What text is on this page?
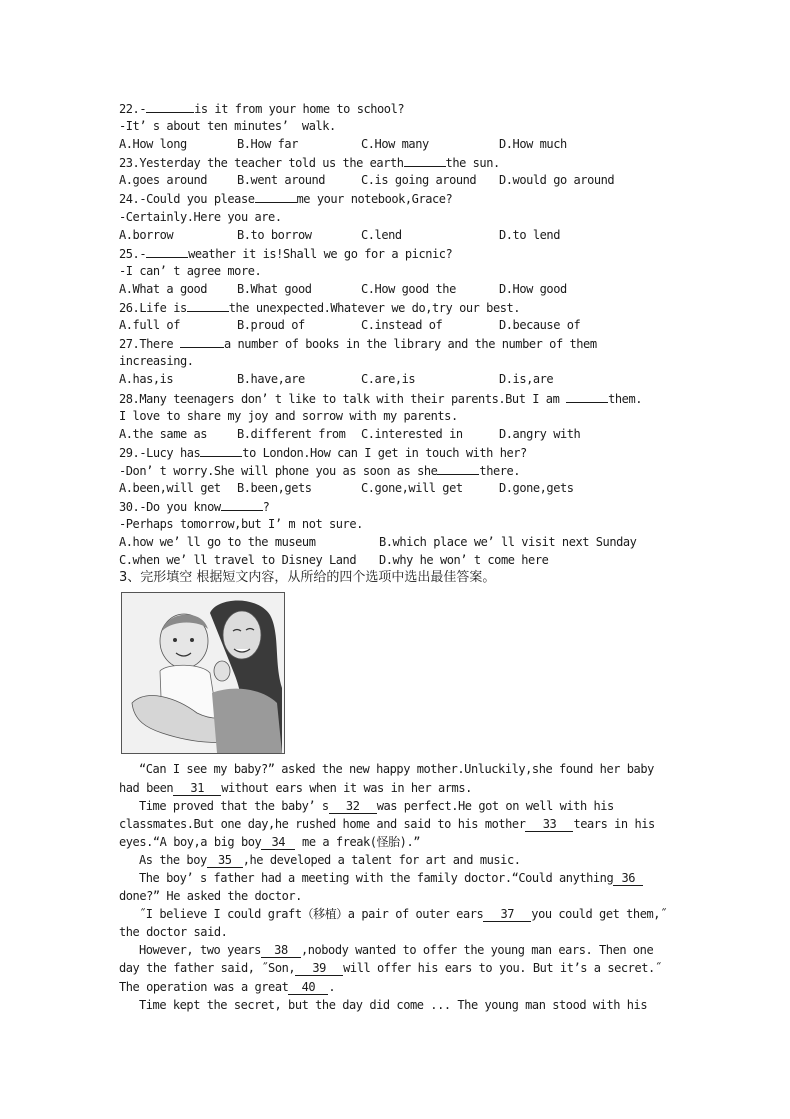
22.-	is it from your home to school?
-It’ s about ten minutes’  walk.
A.How long	B.How far	C.How many	D.How much
23.Yesterday the teacher told us the earth	the sun.
A.goes around	B.went around	C.is going around	D.would go around
24.-Could you please	me your notebook,Grace?
-Certainly.Here you are.
A.borrow	B.to borrow	C.lend	D.to lend
25.-	weather it is!Shall we go for a picnic?
-I can’ t agree more.
A.What a good	B.What good	C.How good the	D.How good
26.Life is	the unexpected.Whatever we do,try our best.
A.full of	B.proud of	C.instead of	D.because of
27.There	a number of books in the library and the number of them
increasing.
A.has,is	B.have,are	C.are,is	D.is,are
28.Many teenagers don’ t like to talk with their parents.But I am	them.
I love to share my joy and sorrow with my parents.
A.the same as	B.different from	C.interested in	D.angry with
29.-Lucy has	to London.How can I get in touch with her?
-Don’ t worry.She will phone you as soon as she	there.
A.been,will get	B.been,gets	C.gone,will get	D.gone,gets
30.-Do you know	?
-Perhaps tomorrow,but I’ m not sure.
A.how we’ ll go to the museum	B.which place we’ ll visit next Sunday
C.when we’ ll travel to Disney Land	D.why he won’ t come here
3、完形填空 根据短文内容，从所给的四个选项中选出最佳答案。
“Can I see my baby?” asked the new happy mother.Unluckily,she found her baby had been 31 without ears when it was in her arms.
Time proved that the baby’ s 32 was perfect.He got on well with his classmates.But one day,he rushed home and said to his mother 33 tears in his eyes.“A boy,a big boy 34 me a freak(怪胎).”
As the boy 35 ,he developed a talent for art and music.
The boy’ s father had a meeting with the family doctor.“Could anything 36done?” He asked the doctor.
˝I believe I could graft（移植）a pair of outer ears 37 you could get them,˝ the doctor said.
However, two years 38 ,nobody wanted to offer the young man ears. Then one day the father said, ˝Son, 39 will offer his ears to you. But it’s a secret.˝ The operation was a great 40 .
Time kept the secret, but the day did come ... The young man stood with his
